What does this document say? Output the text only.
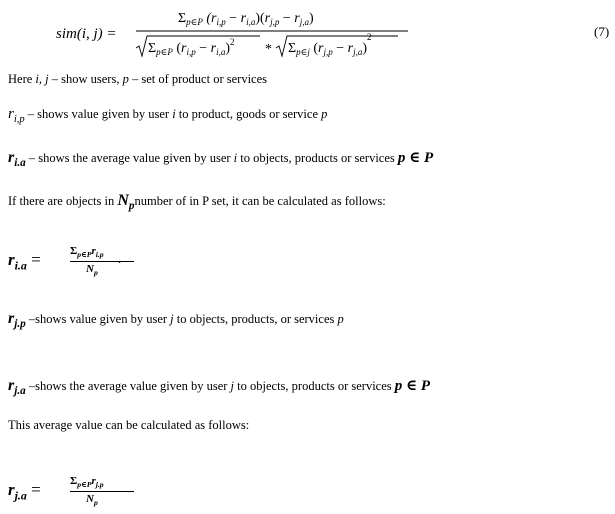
sim(i, j) =
$\Sigma_{p\in P}$ $(r_{i,p} - r_{i,a})(r_{j,p} - r_{j,a})$
$\Sigma_{p\in P}$ $(r_{i,p} - r_{i,a})^2 * \Sigma_{p\in j}$ $(r_{j,p} - r_{j,a})^2$	(7)
Here i, j – show users, p – set of product or services
$r_{i,p}$ – shows value given by user i to product, goods or service p
$r_{i.a}$ – shows the average value given by user i to objects, products or services p ∈ P
If there are objects in $N_pnumber$ of in P set, it can be calculated as follows:
$r_{i.a}$ =	$\Sigma_{p\in P}r_{i.p}$
$N_p$
.
$r_{j.p}$ –shows value given by user j to objects, products, or services p
$r_{j.a}$ –shows the average value given by user j to objects, products or services p ∈ P
This average value can be calculated as follows:
$r_{j.a}$ =	$\Sigma_{p\in P}r_{j.p}$
$N_p$
